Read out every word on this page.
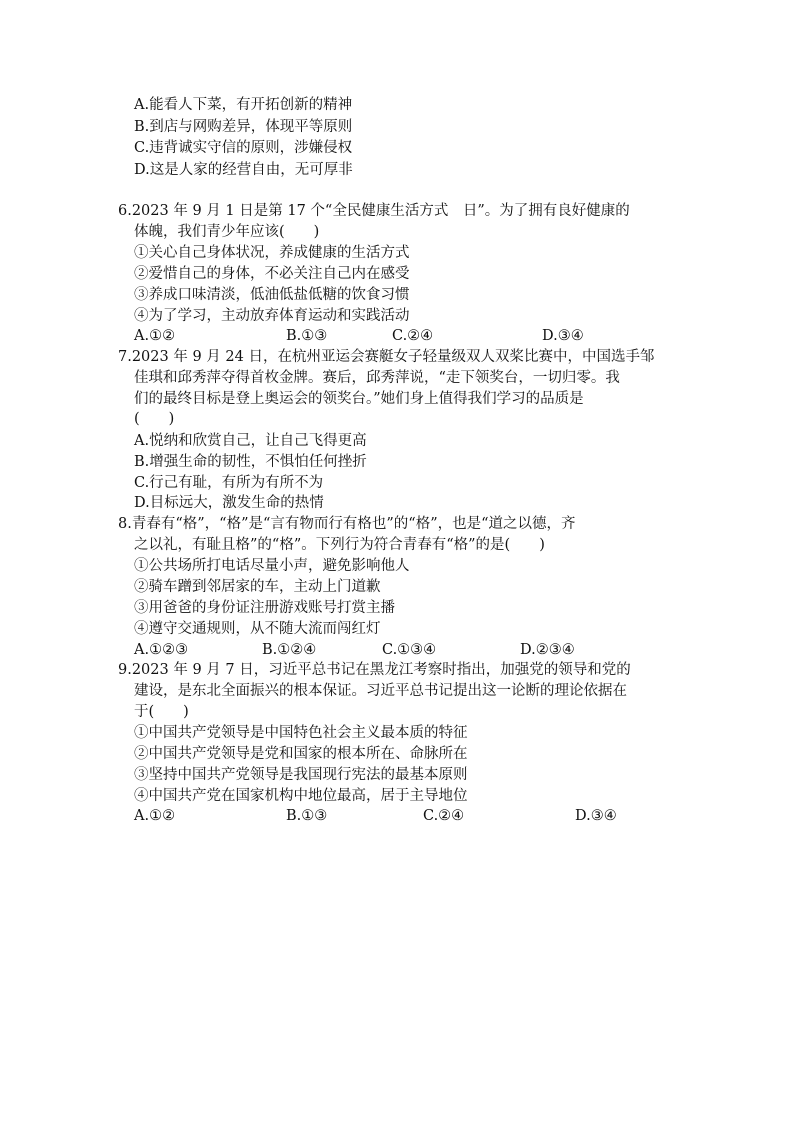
A.能看人下菜，有开拓创新的精神
B.到店与网购差异，体现平等原则
C.违背诚实守信的原则，涉嫌侵权
D.这是人家的经营自由，无可厚非
6.2023 年 9 月 1 日是第 17 个“全民健康生活方式　日”。为了拥有良好健康的
体魄，我们青少年应该(　　)
①关心自己身体状况，养成健康的生活方式
②爱惜自己的身体，不必关注自己内在感受
③养成口味清淡，低油低盐低糖的饮食习惯
④为了学习，主动放弃体育运动和实践活动
A.①②	B.①③	C.②④	D.③④
7.2023 年 9 月 24 日，在杭州亚运会赛艇女子轻量级双人双桨比赛中，中国选手邹
佳琪和邱秀萍夺得首枚金牌。赛后，邱秀萍说，“走下领奖台，一切归零。我
们的最终目标是登上奥运会的领奖台。”她们身上值得我们学习的品质是
(　　)
A.悦纳和欣赏自己，让自己飞得更高
B.增强生命的韧性，不惧怕任何挫折
C.行己有耻，有所为有所不为
D.目标远大，激发生命的热情
8.青春有“格”，“格”是“言有物而行有格也”的“格”，也是“道之以德，齐
之以礼，有耻且格”的“格”。下列行为符合青春有“格”的是(　　)
①公共场所打电话尽量小声，避免影响他人
②骑车蹭到邻居家的车，主动上门道歉
③用爸爸的身份证注册游戏账号打赏主播
④遵守交通规则，从不随大流而闯红灯
A.①②③	B.①②④	C.①③④	D.②③④
9.2023 年 9 月 7 日，习近平总书记在黑龙江考察时指出，加强党的领导和党的
建设，是东北全面振兴的根本保证。习近平总书记提出这一论断的理论依据在
于(　　)
①中国共产党领导是中国特色社会主义最本质的特征
②中国共产党领导是党和国家的根本所在、命脉所在
③坚持中国共产党领导是我国现行宪法的最基本原则
④中国共产党在国家机构中地位最高，居于主导地位
A.①②	B.①③	C.②④	D.③④
